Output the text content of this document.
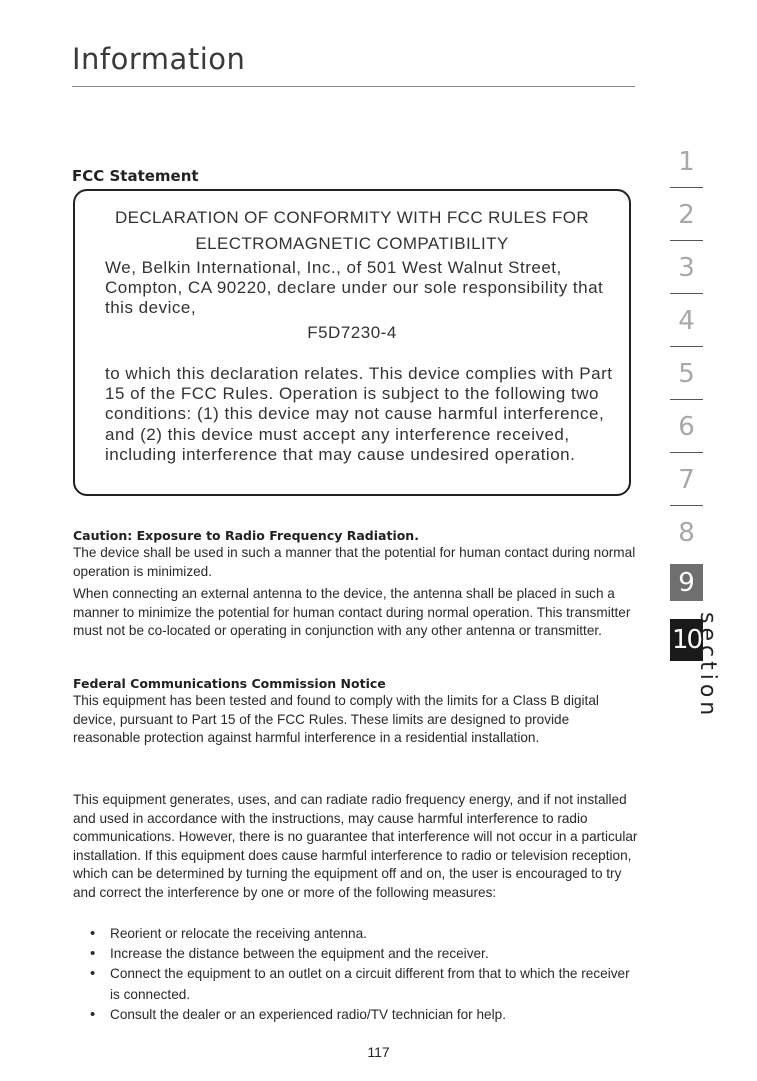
Information
FCC Statement

DECLARATION OF CONFORMITY WITH FCC RULES FOR

ELECTROMAGNETIC COMPATIBILITY

We, Belkin International, Inc., of 501 West Walnut Street, Compton, CA 90220, declare under our sole responsibility that this device,

F5D7230-4

to which this declaration relates. This device complies with Part 15 of the FCC Rules. Operation is subject to the following two conditions: (1) this device may not cause harmful interference, and (2) this device must accept any interference received, including interference that may cause undesired operation.

Caution: Exposure to Radio Frequency Radiation.

The device shall be used in such a manner that the potential for human contact during normal operation is minimized.

When connecting an external antenna to the device, the antenna shall be placed in such a manner to minimize the potential for human contact during normal operation. This transmitter must not be co-located or operating in conjunction with any other antenna or transmitter.

Federal Communications Commission Notice

This equipment has been tested and found to comply with the limits for a Class B digital device, pursuant to Part 15 of the FCC Rules. These limits are designed to provide reasonable protection against harmful interference in a residential installation.

This equipment generates, uses, and can radiate radio frequency energy, and if not installed and used in accordance with the instructions, may cause harmful interference to radio communications. However, there is no guarantee that interference will not occur in a particular installation. If this equipment does cause harmful interference to radio or television reception, which can be determined by turning the equipment off and on, the user is encouraged to try and correct the interference by one or more of the following measures:

• Reorient or relocate the receiving antenna.
• Increase the distance between the equipment and the receiver.
• Connect the equipment to an outlet on a circuit different from that to which the receiver is connected.
• Consult the dealer or an experienced radio/TV technician for help.
117
1
2
3
4
5
6
7
8
9
10
section
